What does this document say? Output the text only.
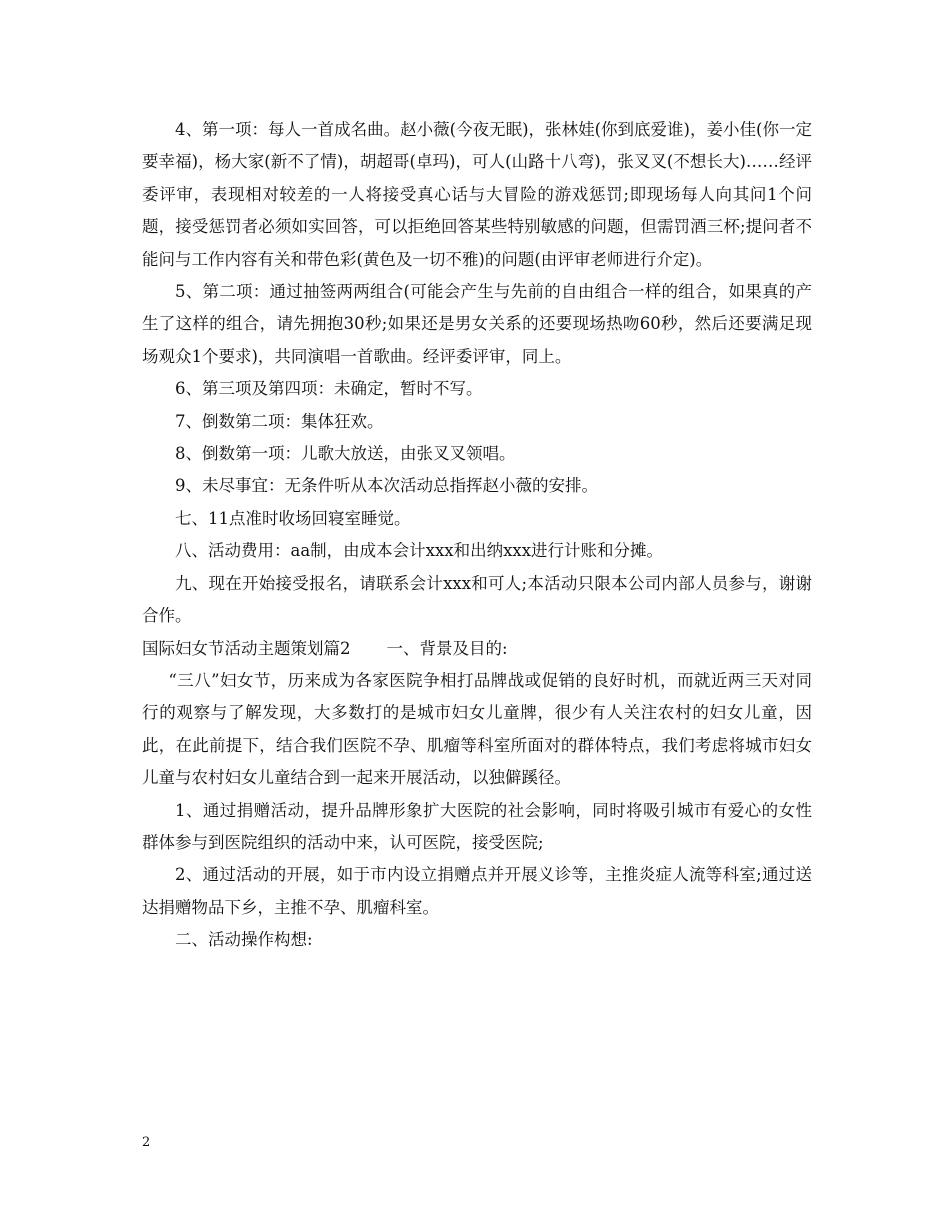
4、第一项：每人一首成名曲。赵小薇(今夜无眠)，张林娃(你到底爱谁)，姜小佳(你一定要幸福)，杨大家(新不了情)，胡超哥(卓玛)，可人(山路十八弯)，张叉叉(不想长大)……经评委评审，表现相对较差的一人将接受真心话与大冒险的游戏惩罚;即现场每人向其问1个问题，接受惩罚者必须如实回答，可以拒绝回答某些特别敏感的问题，但需罚酒三杯;提问者不能问与工作内容有关和带色彩(黄色及一切不雅)的问题(由评审老师进行介定)。

5、第二项：通过抽签两两组合(可能会产生与先前的自由组合一样的组合，如果真的产生了这样的组合，请先拥抱30秒;如果还是男女关系的还要现场热吻60秒，然后还要满足现场观众1个要求)，共同演唱一首歌曲。经评委评审，同上。

6、第三项及第四项：未确定，暂时不写。

7、倒数第二项：集体狂欢。

8、倒数第一项：儿歌大放送，由张叉叉领唱。

9、未尽事宜：无条件听从本次活动总指挥赵小薇的安排。

七、11点准时收场回寝室睡觉。

八、活动费用：aa制，由成本会计xxx和出纳xxx进行计账和分摊。

九、现在开始接受报名，请联系会计xxx和可人;本活动只限本公司内部人员参与，谢谢合作。

国际妇女节活动主题策划篇2 一、背景及目的:

“三八”妇女节，历来成为各家医院争相打品牌战或促销的良好时机，而就近两三天对同行的观察与了解发现，大多数打的是城市妇女儿童牌，很少有人关注农村的妇女儿童，因此，在此前提下，结合我们医院不孕、肌瘤等科室所面对的群体特点，我们考虑将城市妇女儿童与农村妇女儿童结合到一起来开展活动，以独僻蹊径。

1、通过捐赠活动，提升品牌形象扩大医院的社会影响，同时将吸引城市有爱心的女性群体参与到医院组织的活动中来，认可医院，接受医院;

2、通过活动的开展，如于市内设立捐赠点并开展义诊等，主推炎症人流等科室;通过送达捐赠物品下乡，主推不孕、肌瘤科室。

二、活动操作构想:

2
